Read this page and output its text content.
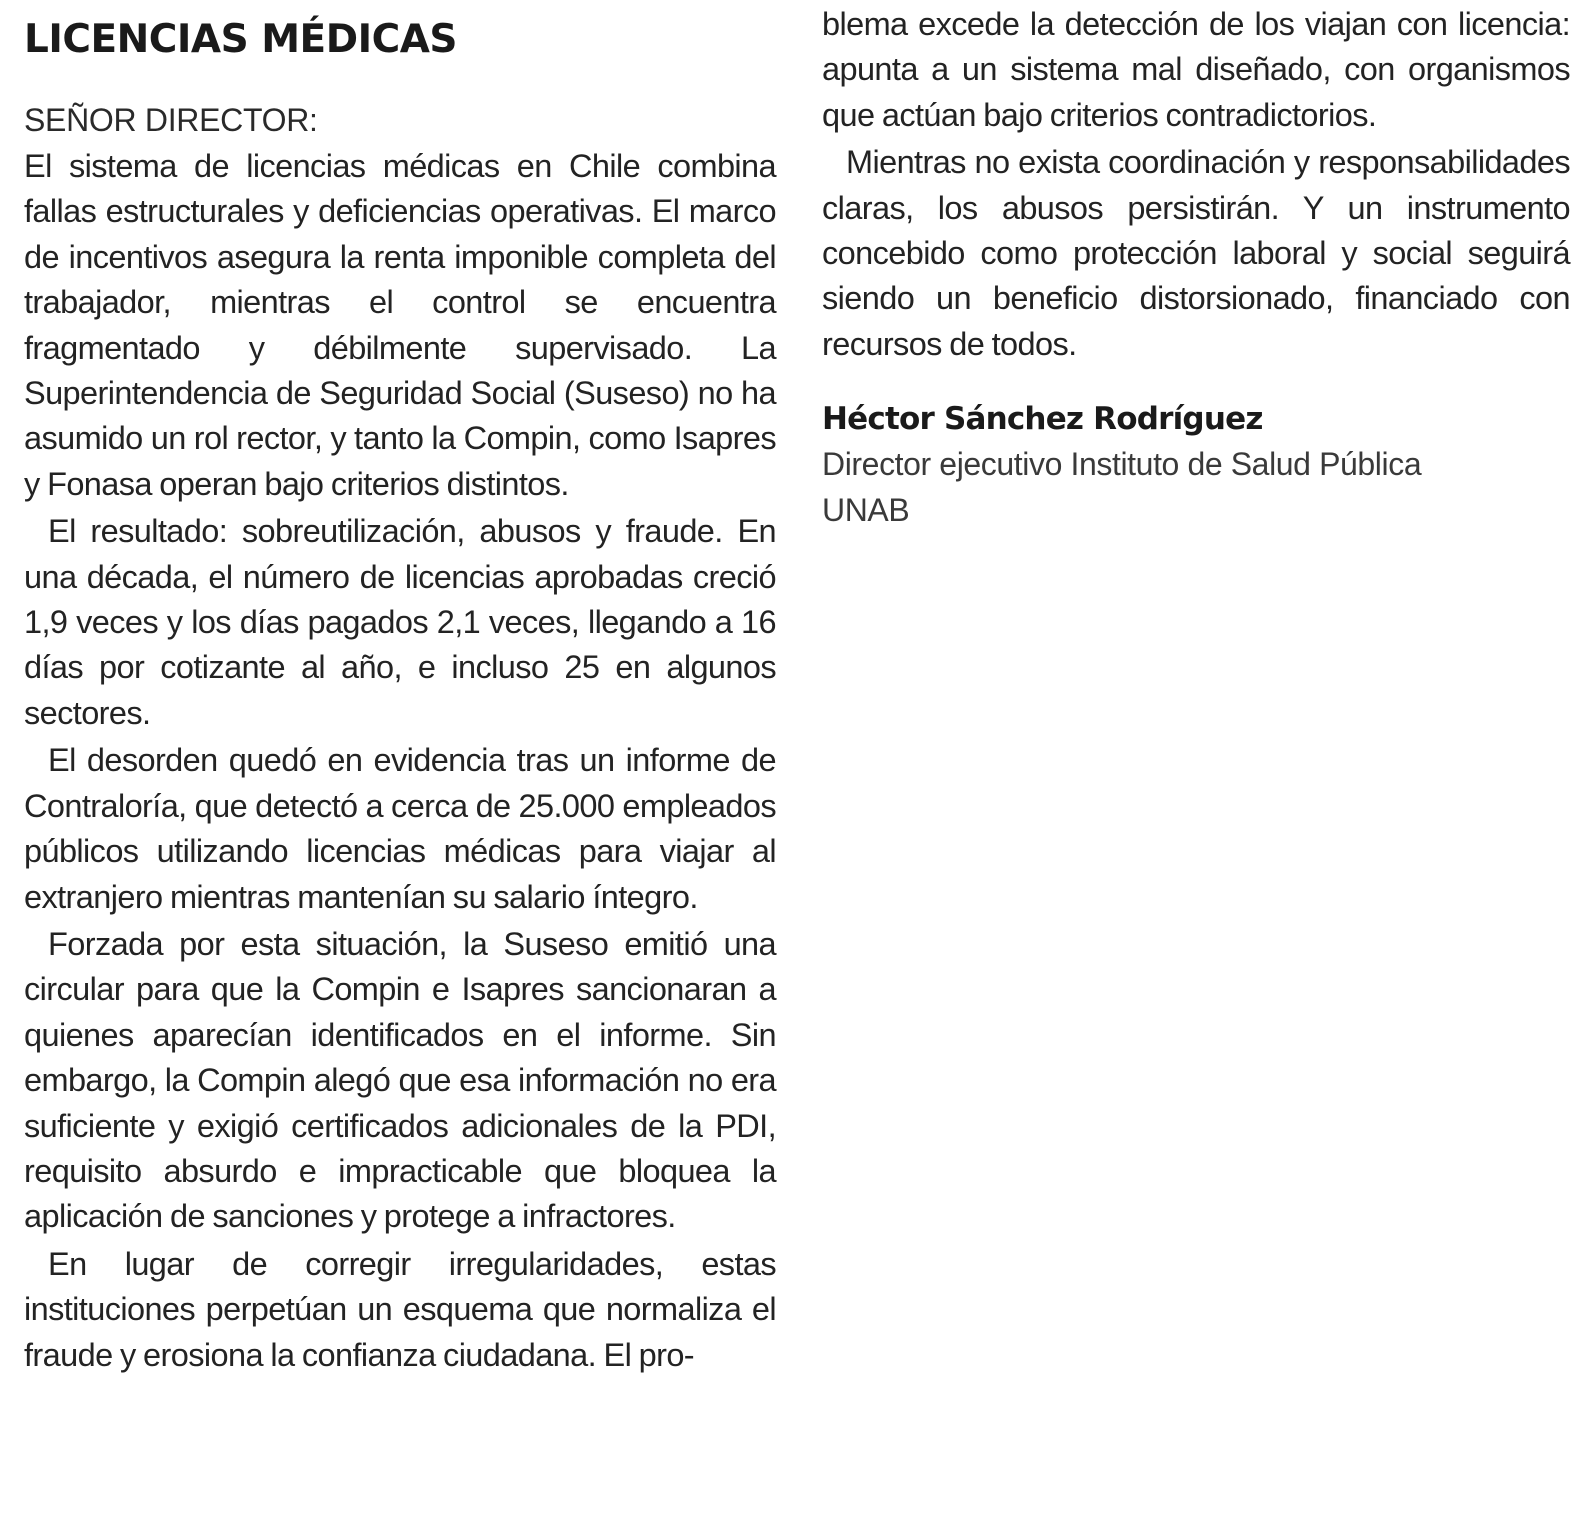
LICENCIAS MÉDICAS
SEÑOR DIRECTOR:

El sistema de licencias médicas en Chile combina fallas estructurales y deficiencias operativas. El marco de incentivos asegura la renta imponible completa del trabajador, mientras el control se encuentra fragmentado y débilmente supervisado. La Superintendencia de Seguridad Social (Suseso) no ha asumido un rol rector, y tanto la Compin, como Isapres y Fonasa operan bajo criterios distintos.

El resultado: sobreutilización, abusos y fraude. En una década, el número de licencias aprobadas creció 1,9 veces y los días pagados 2,1 veces, llegando a 16 días por cotizante al año, e incluso 25 en algunos sectores.

El desorden quedó en evidencia tras un informe de Contraloría, que detectó a cerca de 25.000 empleados públicos utilizando licencias médicas para viajar al extranjero mientras mantenían su salario íntegro.

Forzada por esta situación, la Suseso emitió una circular para que la Compin e Isapres sancionaran a quienes aparecían identificados en el informe. Sin embargo, la Compin alegó que esa información no era suficiente y exigió certificados adicionales de la PDI, requisito absurdo e impracticable que bloquea la aplicación de sanciones y protege a infractores.

En lugar de corregir irregularidades, estas instituciones perpetúan un esquema que normaliza el fraude y erosiona la confianza ciudadana. El pro-

blema excede la detección de los viajan con licencia: apunta a un sistema mal diseñado, con organismos que actúan bajo criterios contradictorios.

Mientras no exista coordinación y responsabilidades claras, los abusos persistirán. Y un instrumento concebido como protección laboral y social seguirá siendo un beneficio distorsionado, financiado con recursos de todos.

Héctor Sánchez Rodríguez

Director ejecutivo Instituto de Salud Pública

UNAB
